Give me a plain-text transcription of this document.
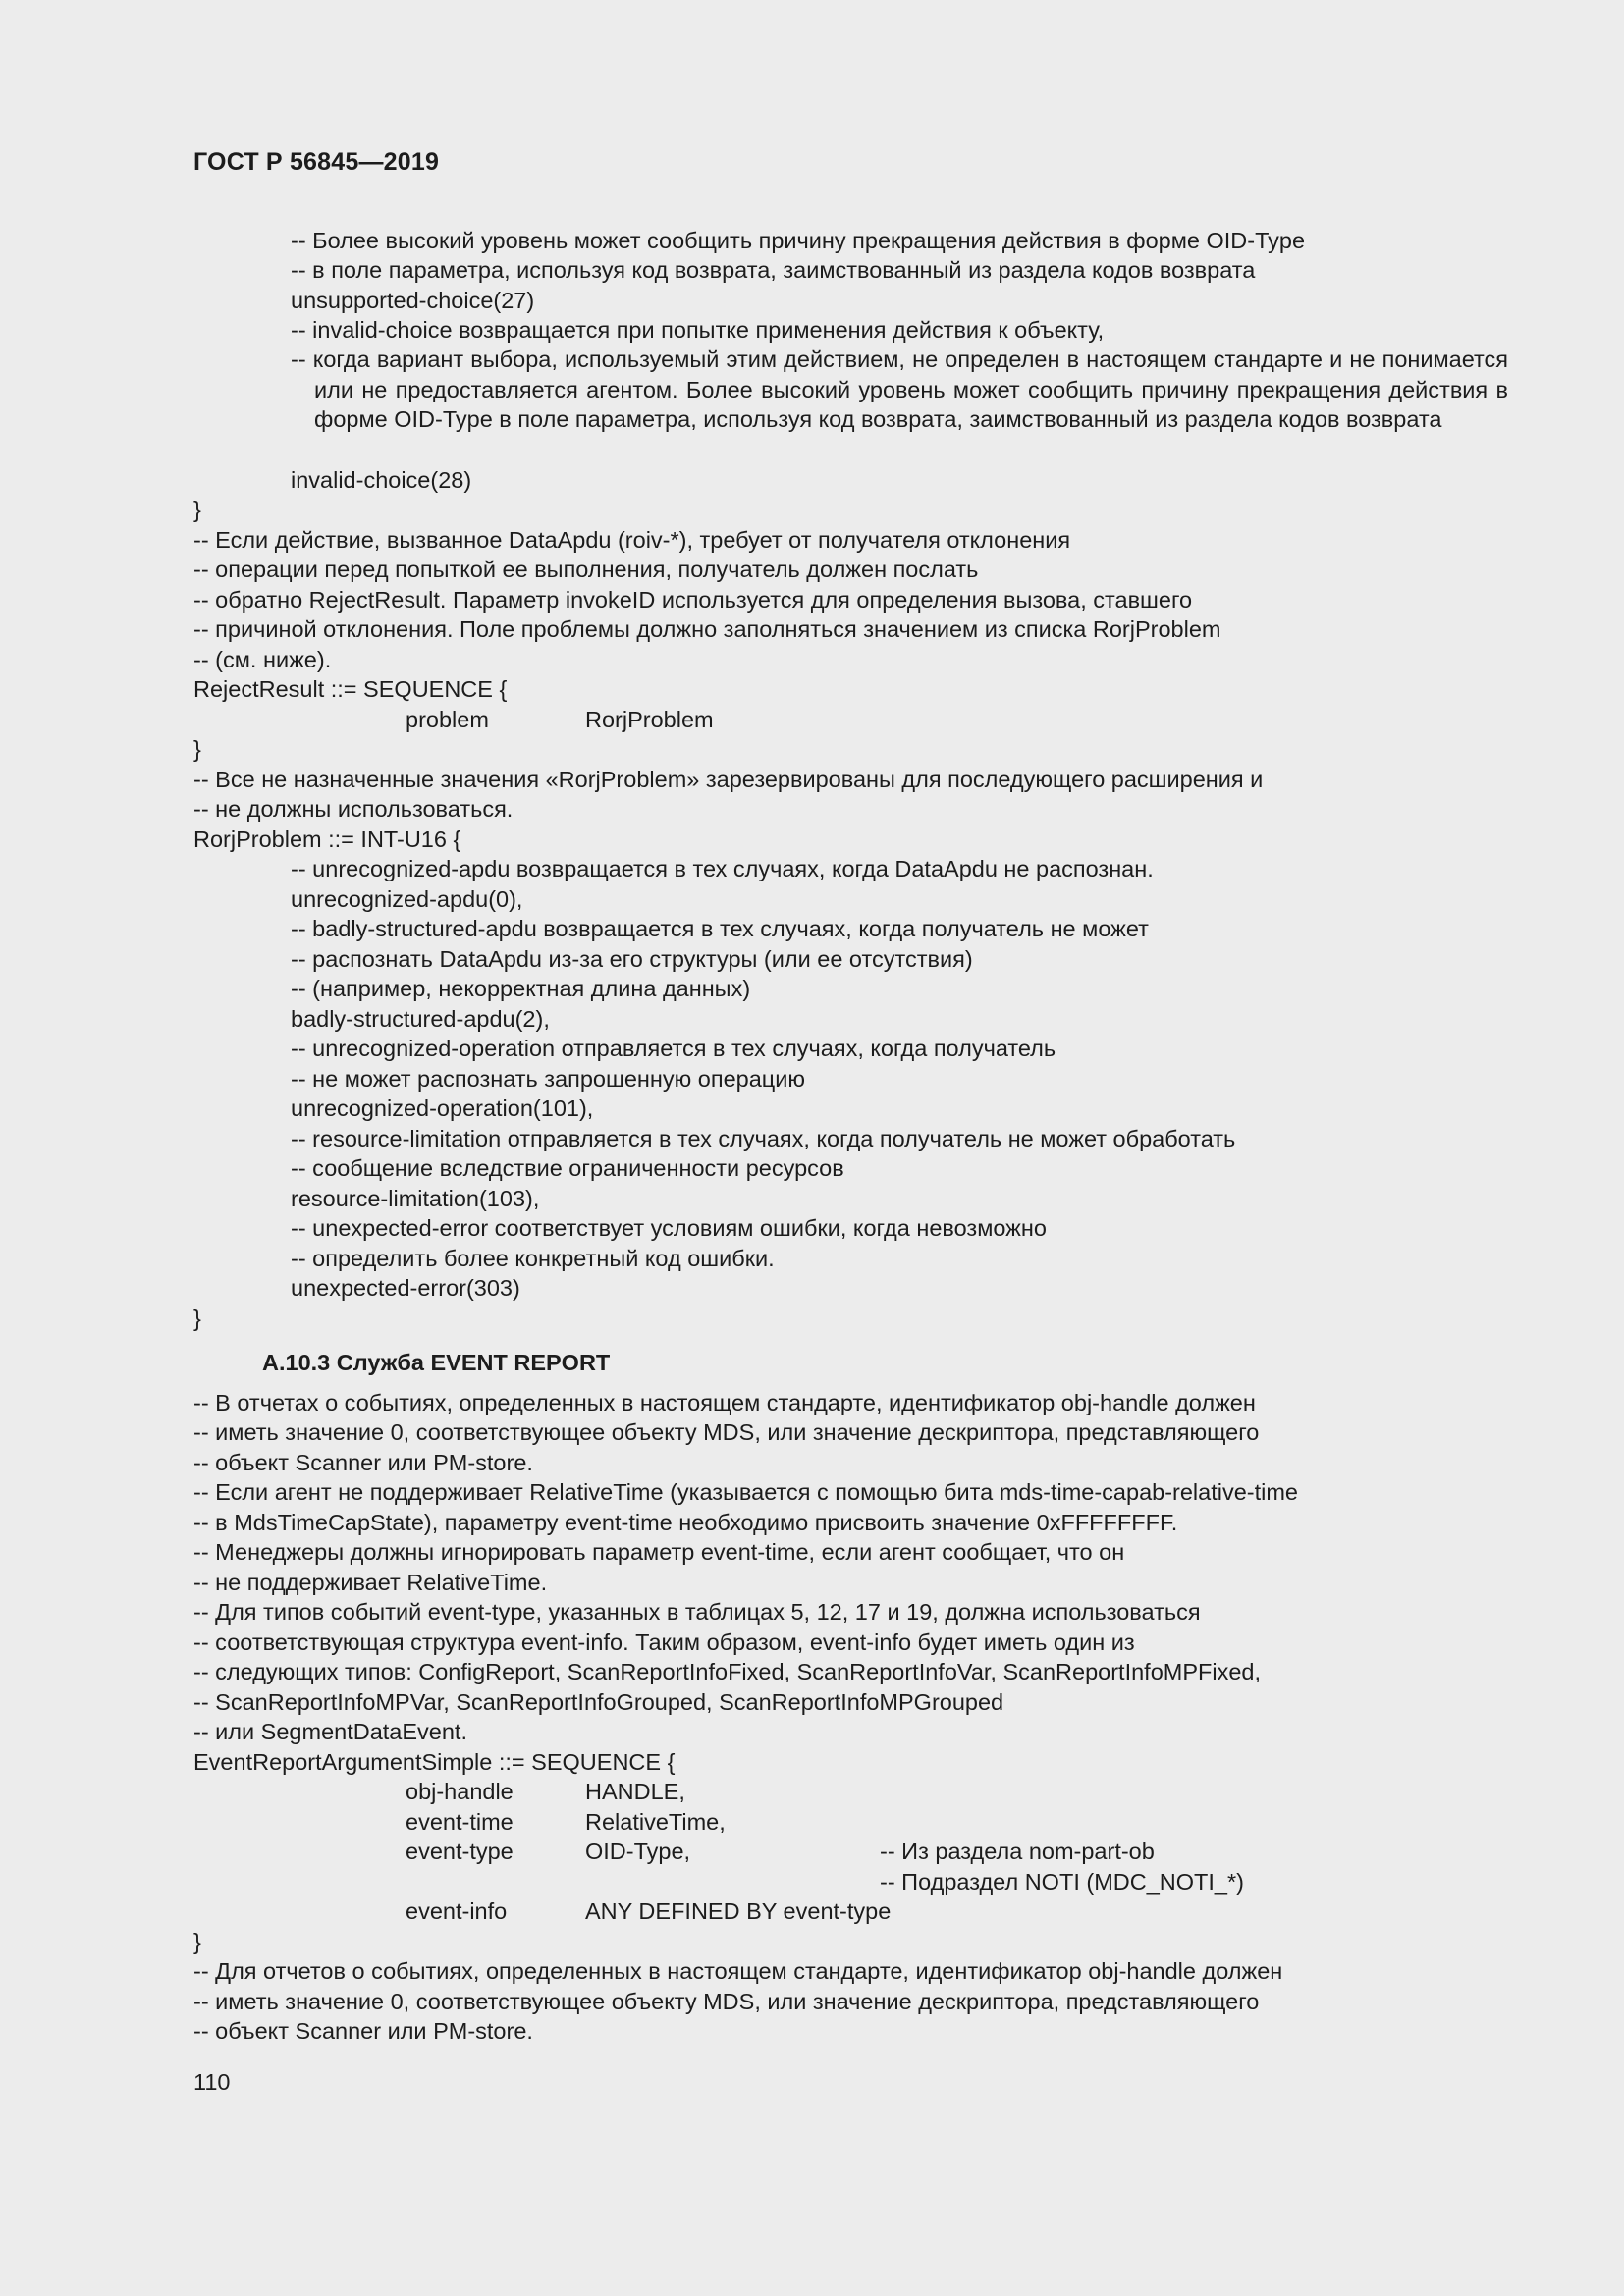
ГОСТ Р 56845—2019
-- Более высокий уровень может сообщить причину прекращения действия в форме OID-Type
-- в поле параметра, используя код возврата, заимствованный из раздела кодов возврата
unsupported-choice(27)
-- invalid-choice возвращается при попытке применения действия к объекту,
-- когда вариант выбора, используемый этим действием, не определен в настоящем стандарте и не понимается или не предоставляется агентом. Более высокий уровень может сообщить причину прекращения действия в форме OID-Type в поле параметра, используя код возврата, заимствованный из раздела кодов возврата
invalid-choice(28)
}
-- Если действие, вызванное DataApdu (roiv-*), требует от получателя отклонения
-- операции перед попыткой ее выполнения, получатель должен послать
-- обратно RejectResult. Параметр invokeID используется для определения вызова, ставшего
-- причиной отклонения. Поле проблемы должно заполняться значением из списка RorjProblem
-- (см. ниже).
RejectResult ::= SEQUENCE {
problem	RorjProblem
}
-- Все не назначенные значения «RorjProblem» зарезервированы для последующего расширения и
-- не должны использоваться.
RorjProblem ::= INT-U16 {
-- unrecognized-apdu возвращается в тех случаях, когда DataApdu не распознан.
unrecognized-apdu(0),
-- badly-structured-apdu возвращается в тех случаях, когда получатель не может
-- распознать DataApdu из-за его структуры (или ее отсутствия)
-- (например, некорректная длина данных)
badly-structured-apdu(2),
-- unrecognized-operation отправляется в тех случаях, когда получатель
-- не может распознать запрошенную операцию
unrecognized-operation(101),
-- resource-limitation отправляется в тех случаях, когда получатель не может обработать
-- сообщение вследствие ограниченности ресурсов
resource-limitation(103),
-- unexpected-error соответствует условиям ошибки, когда невозможно
-- определить более конкретный код ошибки.
unexpected-error(303)
}
A.10.3 Служба EVENT REPORT
-- В отчетах о событиях, определенных в настоящем стандарте, идентификатор obj-handle должен
-- иметь значение 0, соответствующее объекту MDS, или значение дескриптора, представляющего
-- объект Scanner или PM-store.
-- Если агент не поддерживает RelativeTime (указывается с помощью бита mds-time-capab-relative-time
-- в MdsTimeCapState), параметру event-time необходимо присвоить значение 0xFFFFFFFF.
-- Менеджеры должны игнорировать параметр event-time, если агент сообщает, что он
-- не поддерживает RelativeTime.
-- Для типов событий event-type, указанных в таблицах 5, 12, 17 и 19, должна использоваться
-- соответствующая структура event-info. Таким образом, event-info будет иметь один из
-- следующих типов: ConfigReport, ScanReportInfoFixed, ScanReportInfoVar, ScanReportInfoMPFixed,
-- ScanReportInfoMPVar, ScanReportInfoGrouped, ScanReportInfoMPGrouped
-- или SegmentDataEvent.
EventReportArgumentSimple ::= SEQUENCE {
obj-handle	HANDLE,
event-time	RelativeTime,
event-type	OID-Type,	-- Из раздела nom-part-ob
-- Подраздел NOTI (MDC_NOTI_*)
event-info	ANY DEFINED BY event-type
}
-- Для отчетов о событиях, определенных в настоящем стандарте, идентификатор obj-handle должен
-- иметь значение 0, соответствующее объекту MDS, или значение дескриптора, представляющего
-- объект Scanner или PM-store.
110
